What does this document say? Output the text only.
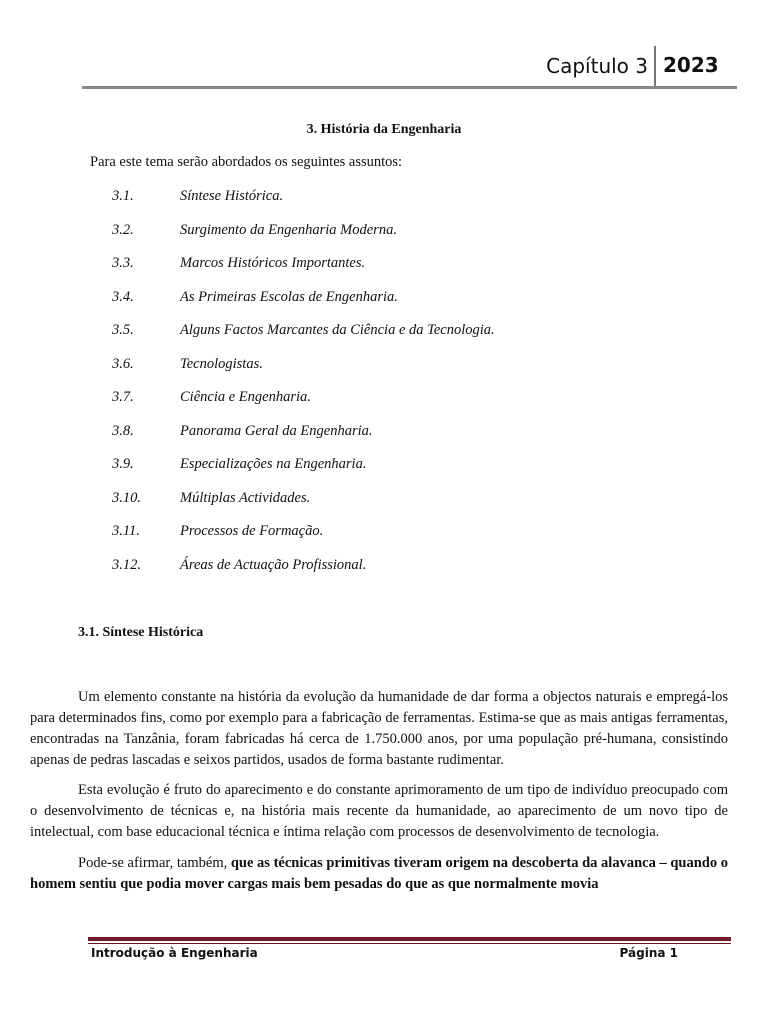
Capítulo 3 2023
3. História da Engenharia
Para este tema serão abordados os seguintes assuntos:
3.1.	Síntese Histórica.
3.2.	Surgimento da Engenharia Moderna.
3.3.	Marcos Históricos Importantes.
3.4.	As Primeiras Escolas de Engenharia.
3.5.	Alguns Factos Marcantes da Ciência e da Tecnologia.
3.6.	Tecnologistas.
3.7.	Ciência e Engenharia.
3.8.	Panorama Geral da Engenharia.
3.9.	Especializações na Engenharia.
3.10.	Múltiplas Actividades.
3.11.	Processos de Formação.
3.12.	Áreas de Actuação Profissional.
3.1. Síntese Histórica

Um elemento constante na história da evolução da humanidade de dar forma a objectos naturais e empregá-los para determinados fins, como por exemplo para a fabricação de ferramentas. Estima-se que as mais antigas ferramentas, encontradas na Tanzânia, foram fabricadas há cerca de 1.750.000 anos, por uma população pré-humana, consistindo apenas de pedras lascadas e seixos partidos, usados de forma bastante rudimentar.

Esta evolução é fruto do aparecimento e do constante aprimoramento de um tipo de indivíduo preocupado com o desenvolvimento de técnicas e, na história mais recente da humanidade, ao aparecimento de um novo tipo de intelectual, com base educacional técnica e íntima relação com processos de desenvolvimento de tecnologia.

Pode-se afirmar, também, que as técnicas primitivas tiveram origem na descoberta da alavanca – quando o homem sentiu que podia mover cargas mais bem pesadas do que as que normalmente movia

Introdução à Engenharia	Página 1
